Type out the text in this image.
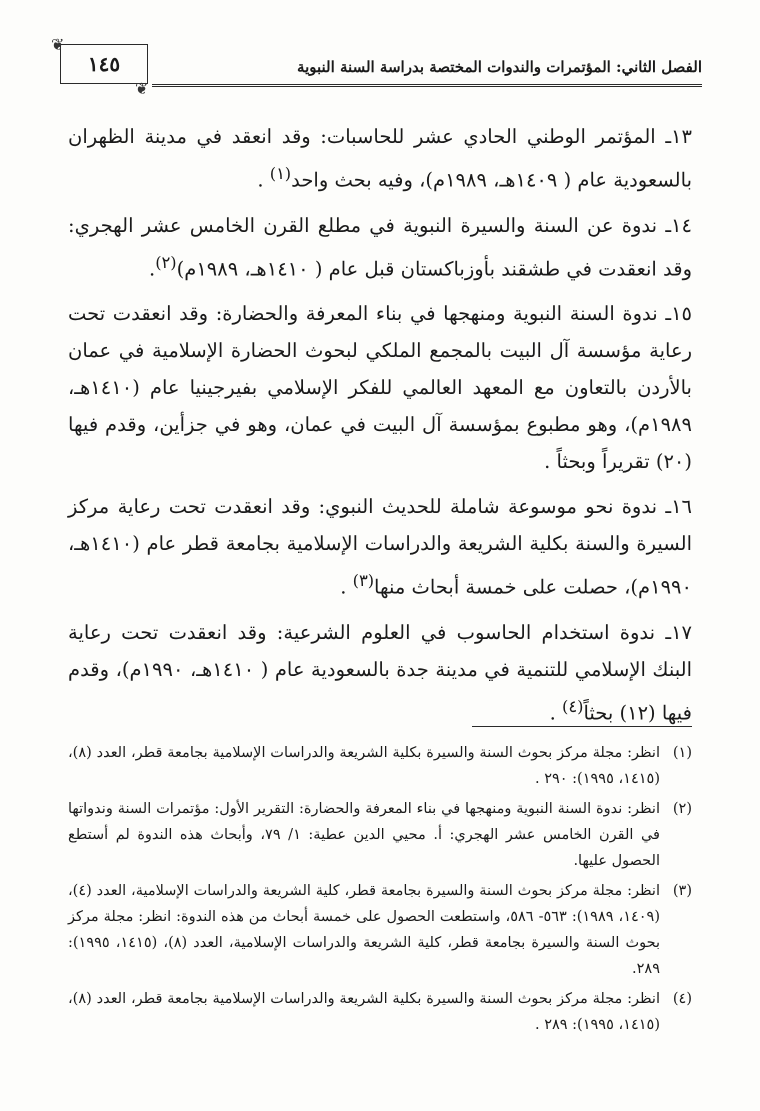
الفصل الثاني: المؤتمرات والندوات المختصة بدراسة السنة النبوية
❦
١٤٥
❦
١٣ـ المؤتمر الوطني الحادي عشر للحاسبات: وقد انعقد في مدينة الظهران بالسعودية عام ( ١٤٠٩هـ، ١٩٨٩م)، وفيه بحث واحد$^{(١)}$ .
١٤ـ ندوة عن السنة والسيرة النبوية في مطلع القرن الخامس عشر الهجري: وقد انعقدت في طشقند بأوزباكستان قبل عام ( ١٤١٠هـ، ١٩٨٩م)$^{(٢)}$.
١٥ـ ندوة السنة النبوية ومنهجها في بناء المعرفة والحضارة: وقد انعقدت تحت رعاية مؤسسة آل البيت بالمجمع الملكي لبحوث الحضارة الإسلامية في عمان بالأردن بالتعاون مع المعهد العالمي للفكر الإسلامي بفيرجينيا عام (١٤١٠هـ، ١٩٨٩م)، وهو مطبوع بمؤسسة آل البيت في عمان، وهو في جزأين، وقدم فيها (٢٠) تقريراً وبحثاً .
١٦ـ ندوة نحو موسوعة شاملة للحديث النبوي: وقد انعقدت تحت رعاية مركز السيرة والسنة بكلية الشريعة والدراسات الإسلامية بجامعة قطر عام (١٤١٠هـ، ١٩٩٠م)، حصلت على خمسة أبحاث منها$^{(٣)}$ .
١٧ـ ندوة استخدام الحاسوب في العلوم الشرعية: وقد انعقدت تحت رعاية البنك الإسلامي للتنمية في مدينة جدة بالسعودية عام ( ١٤١٠هـ، ١٩٩٠م)، وقدم فيها (١٢) بحثاً$^{(٤)}$ .
(١)
انظر: مجلة مركز بحوث السنة والسيرة بكلية الشريعة والدراسات الإسلامية بجامعة قطر، العدد (٨)، (١٤١٥، ١٩٩٥): ٢٩٠ .
(٢)
انظر: ندوة السنة النبوية ومنهجها في بناء المعرفة والحضارة: التقرير الأول: مؤتمرات السنة وندواتها في القرن الخامس عشر الهجري: أ. محيي الدين عطية: ١/ ٧٩، وأبحاث هذه الندوة لم أستطع الحصول عليها.
(٣)
انظر: مجلة مركز بحوث السنة والسيرة بجامعة قطر، كلية الشريعة والدراسات الإسلامية، العدد (٤)، (١٤٠٩، ١٩٨٩): ٥٦٣- ٥٨٦، واستطعت الحصول على خمسة أبحاث من هذه الندوة: انظر: مجلة مركز بحوث السنة والسيرة بجامعة قطر، كلية الشريعة والدراسات الإسلامية، العدد (٨)، (١٤١٥، ١٩٩٥): ٢٨٩.
(٤)
انظر: مجلة مركز بحوث السنة والسيرة بكلية الشريعة والدراسات الإسلامية بجامعة قطر، العدد (٨)، (١٤١٥، ١٩٩٥): ٢٨٩ .
